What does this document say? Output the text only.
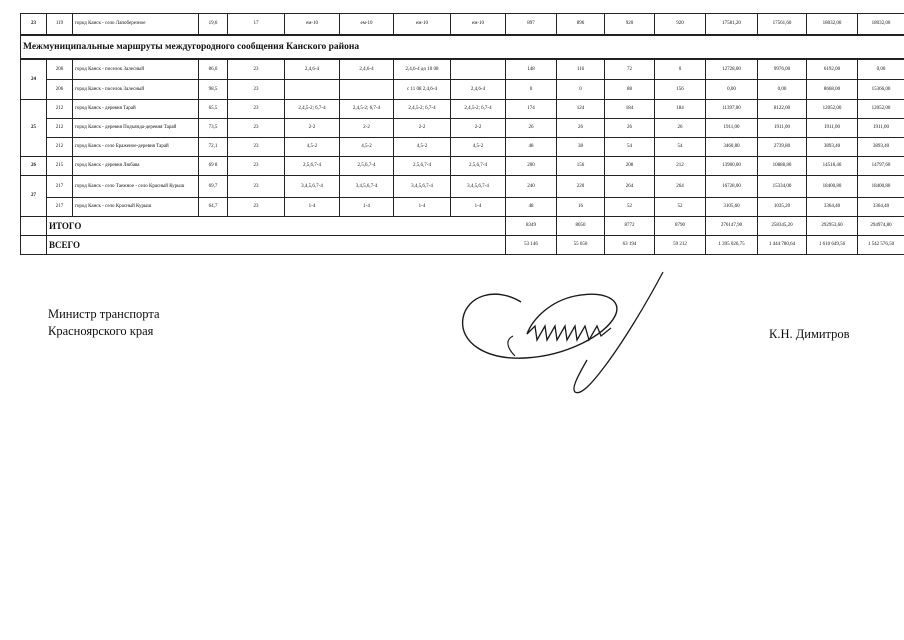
23	119	город Канск - село Лапоберезное	19,6	17	ем-10	ем-10	ем-10	ем-10	897	896	920	920	17581,20	17561,60	18032,00	18032,00
Межмуниципальные маршруты междугородного сообщения Канского района																
24	206	город Канск - поселок Залесный	86,0	23	2,4,6-4	2,4,6-4	2,4,6-4 до 10 08		148	116	72	0	12728,00	9976,00	6192,00	0,00
	206	город Канск - поселок Залесный	98,5	23			с 11 08 2,4,6-4	2,4,6-4	0	0	88	156	0,00	0,00	8668,00	15366,00
25	212	город Канск - деревня Тарай	65,5	23	2,4,5-2; 6,7-4	2,4,5-2; 6,7-4	2,4,5-2; 6,7-4	2,4,5-2; 6,7-4	174	124	184	184	11397,00	8122,00	12052,00	12052,00
	212	город Канск - деревня Подъянда-деревня Тарай	73,5	23	2-2	2-2	2-2	2-2	26	26	26	26	1911,00	1911,00	1911,00	1911,00
	212	город Канск - село Браженое-деревня Тарай	72,1	23	4,5-2	4,5-2	4,5-2	4,5-2	48	38	54	54	3460,80	2739,80	3893,40	3893,40
26	215	город Канск - деревня Любава	69 8	23	2,5,6,7-4	2,5,6,7-4	2,5,6,7-4	2,5,6,7-4	200	156	208	212	13960,00	10888,80	14518,40	14797,60
27	217	город Канск - село Таежное - село Красный Курыш	69,7	23	3,4,5,6,7-4	3,4,5,6,7-4	3,4,5,6,7-4	3,4,5,6,7-4	240	220	264	264	16728,00	15334,00	18400,80	18400,80
	217	город Канск - село Красный Курыш	64,7	23	1-4	1-4	1-4	1-4	48	16	52	52	3105,60	1035,20	3364,40	3364,40
	ИТОГО								8349	8050	8772	8790	276147,90	258345,20	292953,60	294974,80
	ВСЕГО								53 146	55 650	63 194	59 212	1 395 026,75	1 444 780,64	1 610 649,56	1 542 576,50
Министр транспорта
Красноярского края	К.Н. Димитров
